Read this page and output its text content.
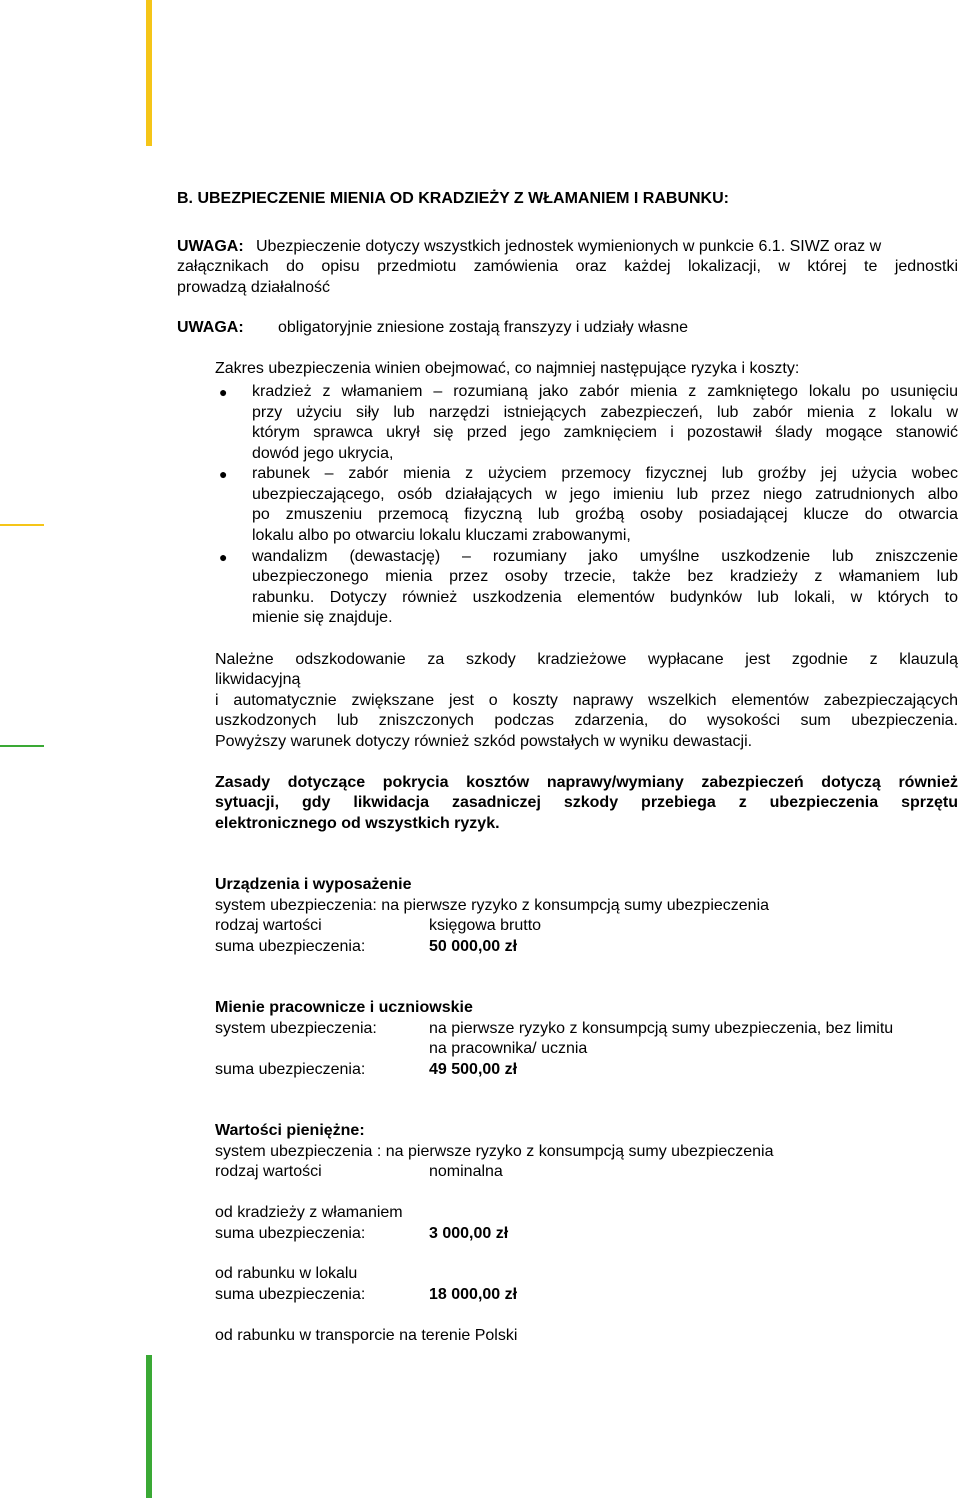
B. UBEZPIECZENIE MIENIA OD KRADZIEŻY Z WŁAMANIEM I RABUNKU:
UWAGA: Ubezpieczenie dotyczy wszystkich jednostek wymienionych w punkcie 6.1. SIWZ oraz w
załącznikach do opisu przedmiotu zamówienia oraz każdej lokalizacji, w której te jednostki
prowadzą działalność
UWAGA: obligatoryjnie zniesione zostają franszyzy i udziały własne
Zakres ubezpieczenia winien obejmować, co najmniej następujące ryzyka i koszty:
● kradzież z włamaniem – rozumianą jako zabór mienia z zamkniętego lokalu po usunięciu
przy użyciu siły lub narzędzi istniejących zabezpieczeń, lub zabór mienia z lokalu w
którym sprawca ukrył się przed jego zamknięciem i pozostawił ślady mogące stanowić
dowód jego ukrycia,
● rabunek – zabór mienia z użyciem przemocy fizycznej lub groźby jej użycia wobec
ubezpieczającego, osób działających w jego imieniu lub przez niego zatrudnionych albo
po zmuszeniu przemocą fizyczną lub groźbą osoby posiadającej klucze do otwarcia
lokalu albo po otwarciu lokalu kluczami zrabowanymi,
● wandalizm (dewastację) – rozumiany jako umyślne uszkodzenie lub zniszczenie
ubezpieczonego mienia przez osoby trzecie, także bez kradzieży z włamaniem lub
rabunku. Dotyczy również uszkodzenia elementów budynków lub lokali, w których to
mienie się znajduje.
Należne odszkodowanie za szkody kradzieżowe wypłacane jest zgodnie z klauzulą
likwidacyjną
i automatycznie zwiększane jest o koszty naprawy wszelkich elementów zabezpieczających
uszkodzonych lub zniszczonych podczas zdarzenia, do wysokości sum ubezpieczenia.
Powyższy warunek dotyczy również szkód powstałych w wyniku dewastacji.
Zasady dotyczące pokrycia kosztów naprawy/wymiany zabezpieczeń dotyczą również
sytuacji, gdy likwidacja zasadniczej szkody przebiega z ubezpieczenia sprzętu
elektronicznego od wszystkich ryzyk.
Urządzenia i wyposażenie
system ubezpieczenia: na pierwsze ryzyko z konsumpcją sumy ubezpieczenia
rodzaj wartości	księgowa brutto
suma ubezpieczenia:	50 000,00 zł
Mienie pracownicze i uczniowskie
system ubezpieczenia:	na pierwsze ryzyko z konsumpcją sumy ubezpieczenia, bez limitu
na pracownika/ ucznia
suma ubezpieczenia:	49 500,00 zł
Wartości pieniężne:
system ubezpieczenia : na pierwsze ryzyko z konsumpcją sumy ubezpieczenia
rodzaj wartości	nominalna
od kradzieży z włamaniem
suma ubezpieczenia:	3 000,00 zł
od rabunku w lokalu
suma ubezpieczenia:	18 000,00 zł
od rabunku w transporcie na terenie Polski
